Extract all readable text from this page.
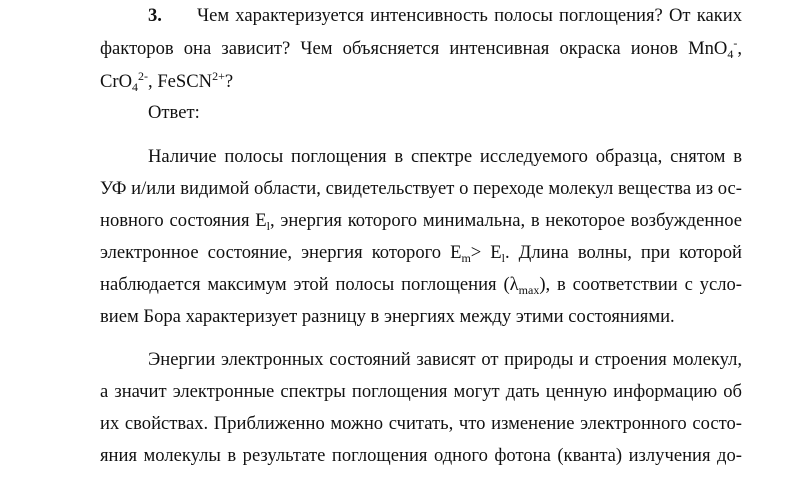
3. Чем характеризуется интенсивность полосы поглощения? От каких
факторов она зависит? Чем объясняется интенсивная окраска ионов MnO$_4$-,
CrO$_4^{2-}$, FeSCN$^{2+}$?
Ответ:
Наличие полосы поглощения в спектре исследуемого образца, снятом в
УФ и/или видимой области, свидетельствует о переходе молекул вещества из ос-
новного состояния $E_l$, энергия которого минимальна, в некоторое возбужденное
электронное состояние, энергия которого $E_m> E_l$. Длина волны, при которой
наблюдается максимум этой полосы поглощения $(\lambda_{max})$, в соответствии с усло-
вием Бора характеризует разницу в энергиях между этими состояниями.
Энергии электронных состояний зависят от природы и строения молекул,
а значит электронные спектры поглощения могут дать ценную информацию об
их свойствах. Приближенно можно считать, что изменение электронного состо-
яния молекулы в результате поглощения одного фотона (кванта) излучения до-
